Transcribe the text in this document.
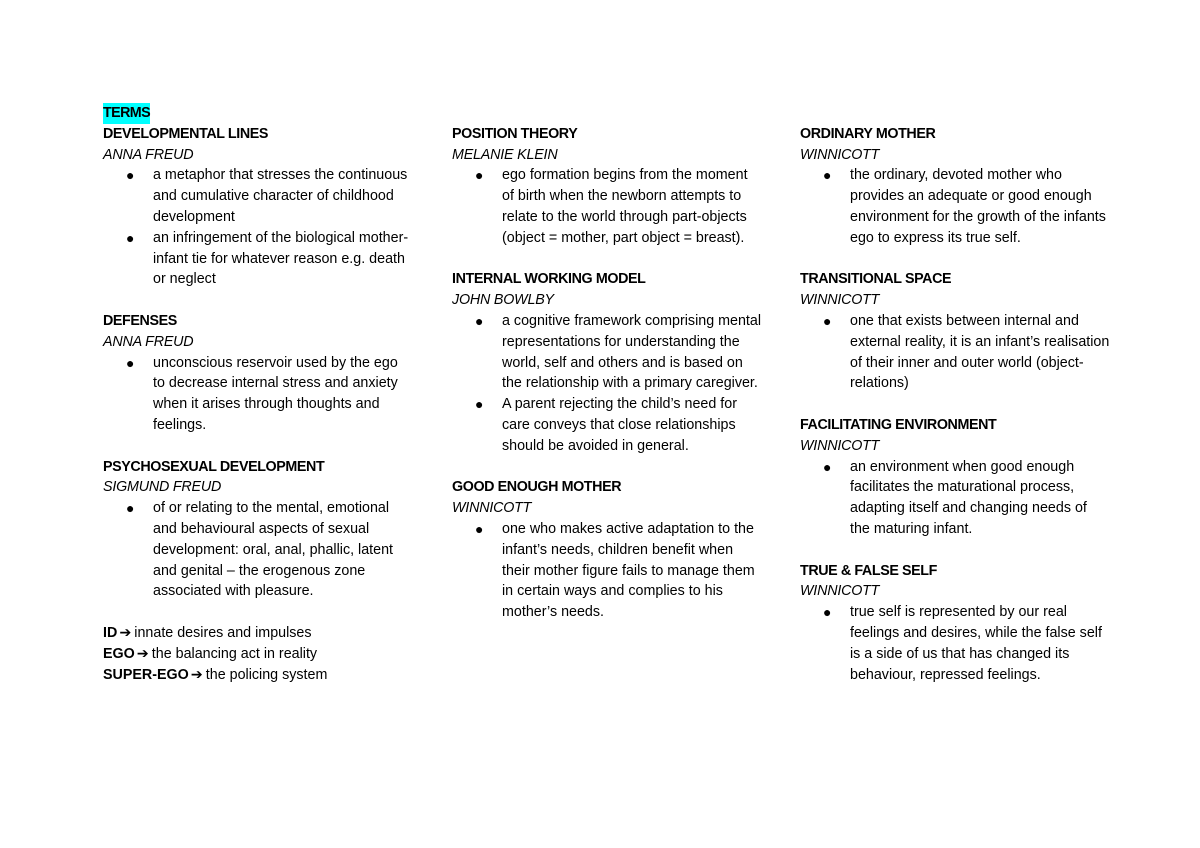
TERMS
DEVELOPMENTAL LINES
ANNA FREUD
● a metaphor that stresses the continuous and cumulative character of childhood development
● an infringement of the biological mother-infant tie for whatever reason e.g. death or neglect
DEFENSES
ANNA FREUD
● unconscious reservoir used by the ego to decrease internal stress and anxiety when it arises through thoughts and feelings.
PSYCHOSEXUAL DEVELOPMENT
SIGMUND FREUD
● of or relating to the mental, emotional and behavioural aspects of sexual development: oral, anal, phallic, latent and genital – the erogenous zone associated with pleasure.
ID ➔ innate desires and impulses
EGO ➔ the balancing act in reality
SUPER-EGO ➔ the policing system
POSITION THEORY
MELANIE KLEIN
● ego formation begins from the moment of birth when the newborn attempts to relate to the world through part-objects (object = mother, part object = breast).
INTERNAL WORKING MODEL
JOHN BOWLBY
● a cognitive framework comprising mental representations for understanding the world, self and others and is based on the relationship with a primary caregiver.
● A parent rejecting the child’s need for care conveys that close relationships should be avoided in general.
GOOD ENOUGH MOTHER
WINNICOTT
● one who makes active adaptation to the infant’s needs, children benefit when their mother figure fails to manage them in certain ways and complies to his mother’s needs.
ORDINARY MOTHER
WINNICOTT
● the ordinary, devoted mother who provides an adequate or good enough environment for the growth of the infants ego to express its true self.
TRANSITIONAL SPACE
WINNICOTT
● one that exists between internal and external reality, it is an infant’s realisation of their inner and outer world (object-relations)
FACILITATING ENVIRONMENT
WINNICOTT
● an environment when good enough facilitates the maturational process, adapting itself and changing needs of the maturing infant.
TRUE & FALSE SELF
WINNICOTT
● true self is represented by our real feelings and desires, while the false self is a side of us that has changed its behaviour, repressed feelings.
